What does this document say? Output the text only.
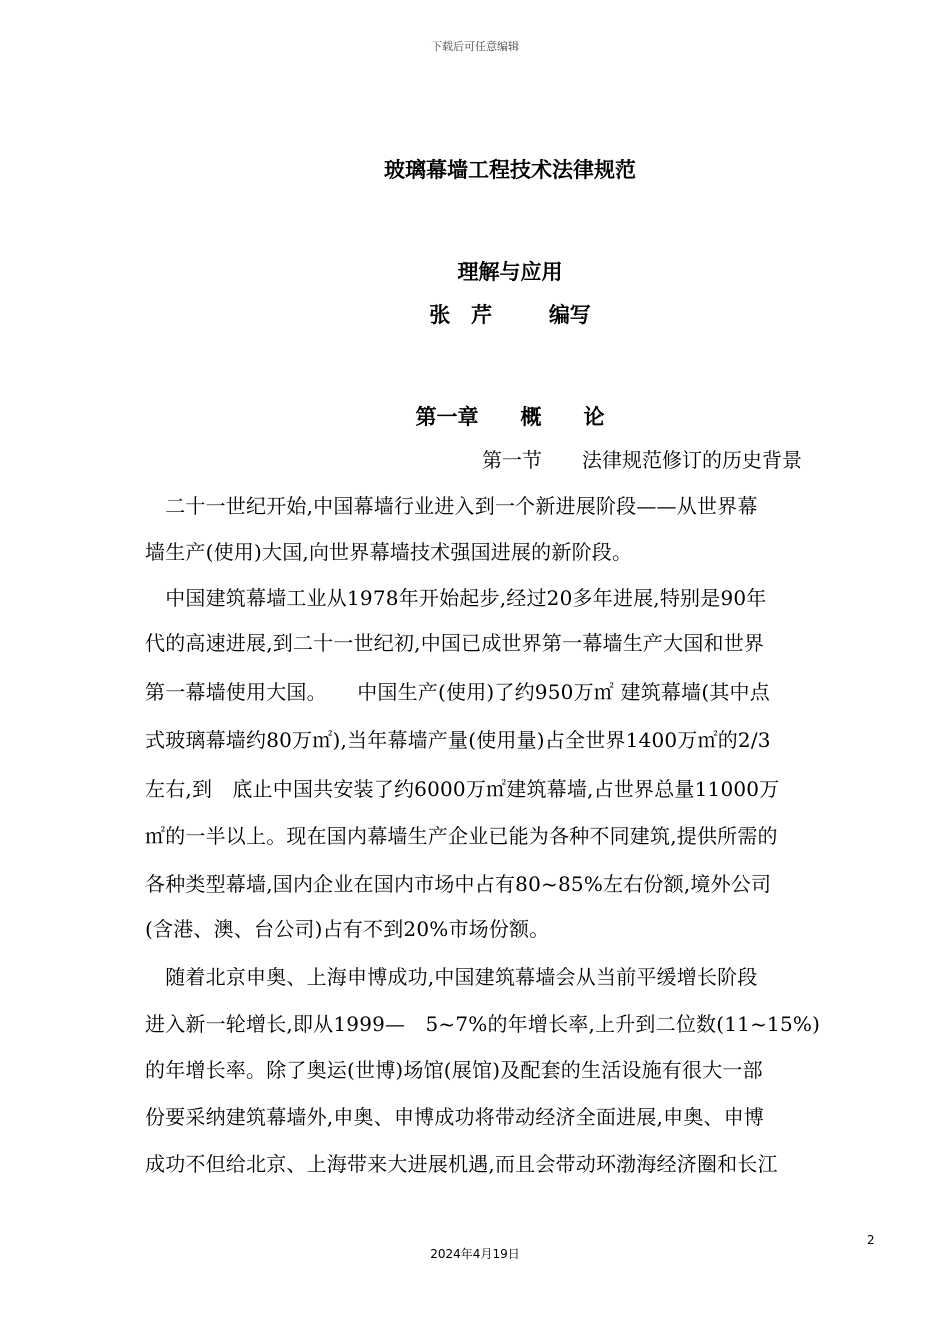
下载后可任意编辑
玻璃幕墙工程技术法律规范
理解与应用
张　芹	编写
第一章　　概　　论
第一节　　法律规范修订的历史背景
　二十一世纪开始,中国幕墙行业进入到一个新进展阶段——从世界幕
墙生产(使用)大国,向世界幕墙技术强国进展的新阶段。
　中国建筑幕墙工业从1978年开始起步,经过20多年进展,特别是90年
代的高速进展,到二十一世纪初,中国已成世界第一幕墙生产大国和世界
第一幕墙使用大国。　　中国生产(使用)了约950万㎡ 建筑幕墙(其中点
式玻璃幕墙约80万㎡),当年幕墙产量(使用量)占全世界1400万㎡的2/3
左右,到　底止中国共安装了约6000万㎡建筑幕墙,占世界总量11000万
㎡的一半以上。现在国内幕墙生产企业已能为各种不同建筑,提供所需的
各种类型幕墙,国内企业在国内市场中占有80~85%左右份额,境外公司
(含港、澳、台公司)占有不到20%市场份额。
　随着北京申奥、上海申博成功,中国建筑幕墙会从当前平缓增长阶段
进入新一轮增长,即从1999—　5~7%的年增长率,上升到二位数(11~15%)
的年增长率。除了奥运(世博)场馆(展馆)及配套的生活设施有很大一部
份要采纳建筑幕墙外,申奥、申博成功将带动经济全面进展,申奥、申博
成功不但给北京、上海带来大进展机遇,而且会带动环渤海经济圈和长江
2
2024年4月19日
